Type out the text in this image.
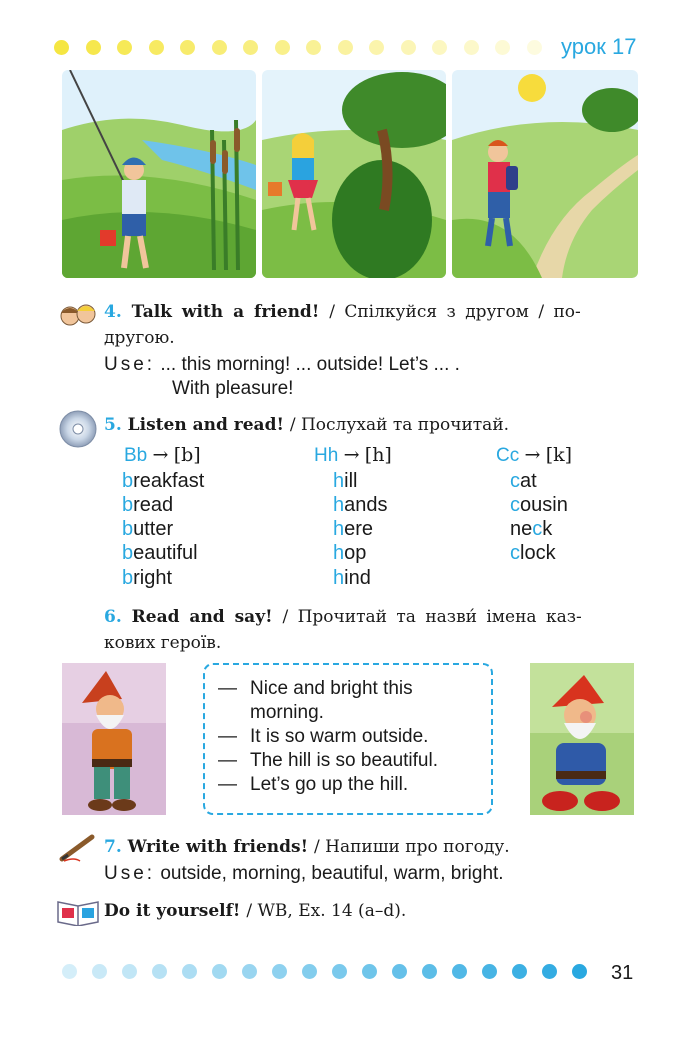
урок 17
4. Talk with a friend! / Спілкуйся з другом / по-
другою.
Use: ... this morning! ... outside! Let’s ... .
With pleasure!
5. Listen and read! / Послухай та прочитай.
Bb → [b]	Hh → [h]	Cc → [k]
breakfast
bread
butter
beautiful
bright
hill
hands
here
hop
hind
cat
cousin
neck
clock
6. Read and say! / Прочитай та назви́ імена каз-
кових героїв.
— Nice and bright this
morning.
— It is so warm outside.
— The hill is so beautiful.
— Let’s go up the hill.
7. Write with friends! / Напиши про погоду.
Use: outside, morning, beautiful, warm, bright.
Do it yourself! / WB, Ex. 14 (a–d).
31
